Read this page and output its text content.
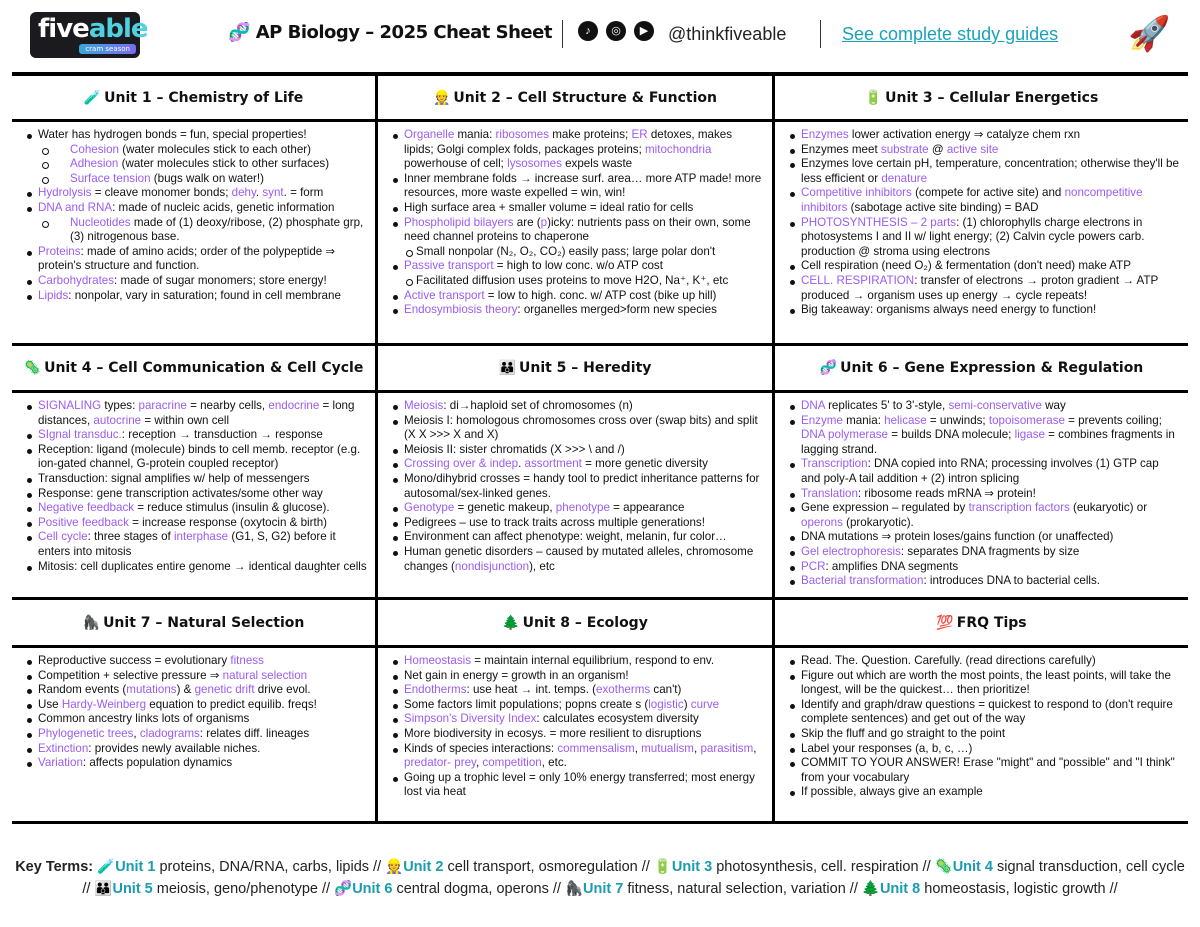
fiveable
cram season
🧬 AP Biology – 2025 Cheat Sheet	♪	◎	▶	@thinkfiveable	See complete study guides 🚀
🧪 Unit 1 – Chemistry of Life	👷 Unit 2 – Cell Structure & Function	🔋 Unit 3 – Cellular Energetics
Water has hydrogen bonds = fun, special properties!
Cohesion (water molecules stick to each other)
Adhesion (water molecules stick to other surfaces)
Surface tension (bugs walk on water!)
Hydrolysis = cleave monomer bonds; dehy. synt. = form
DNA and RNA: made of nucleic acids, genetic information
Nucleotides made of (1) deoxy/ribose, (2) phosphate grp, (3) nitrogenous base.
Proteins: made of amino acids; order of the polypeptide ⇒ protein's structure and function.
Carbohydrates: made of sugar monomers; store energy!
Lipids: nonpolar, vary in saturation; found in cell membrane
Organelle mania: ribosomes make proteins; ER detoxes, makes lipids; Golgi complex folds, packages proteins; mitochondria powerhouse of cell; lysosomes expels waste
Inner membrane folds → increase surf. area… more ATP made! more resources, more waste expelled = win, win!
High surface area + smaller volume = ideal ratio for cells
Phospholipid bilayers are (p)icky: nutrients pass on their own, some need channel proteins to chaperone
Small nonpolar (N₂, O₂, CO₂) easily pass; large polar don't
Passive transport = high to low conc. w/o ATP cost
Facilitated diffusion uses proteins to move H2O, Na⁺, K⁺, etc
Active transport = low to high. conc. w/ ATP cost (bike up hill)
Endosymbiosis theory: organelles merged>form new species
Enzymes lower activation energy ⇒ catalyze chem rxn
Enzymes meet substrate @ active site
Enzymes love certain pH, temperature, concentration; otherwise they'll be less efficient or denature
Competitive inhibitors (compete for active site) and noncompetitive inhibitors (sabotage active site binding) = BAD
PHOTOSYNTHESIS – 2 parts: (1) chlorophylls charge electrons in photosystems I and II w/ light energy; (2) Calvin cycle powers carb. production @ stroma using electrons
Cell respiration (need O₂) & fermentation (don't need) make ATP
CELL. RESPIRATION: transfer of electrons → proton gradient → ATP produced → organism uses up energy → cycle repeats!
Big takeaway: organisms always need energy to function!
🦠 Unit 4 – Cell Communication & Cell Cycle	👪 Unit 5 – Heredity	🧬 Unit 6 – Gene Expression & Regulation
SIGNALING types: paracrine = nearby cells, endocrine = long distances, autocrine = within own cell
SIgnal transduc.: reception → transduction → response
Reception: ligand (molecule) binds to cell memb. receptor (e.g. ion-gated channel, G-protein coupled receptor)
Transduction: signal amplifies w/ help of messengers
Response: gene transcription activates/some other way
Negative feedback = reduce stimulus (insulin & glucose).
Positive feedback = increase response (oxytocin & birth)
Cell cycle: three stages of interphase (G1, S, G2) before it enters into mitosis
Mitosis: cell duplicates entire genome → identical daughter cells
Meiosis: di→haploid set of chromosomes (n)
Meiosis I: homologous chromosomes cross over (swap bits) and split (X X >>> X and X)
Meiosis II: sister chromatids (X >>> \ and /)
Crossing over & indep. assortment = more genetic diversity
Mono/dihybrid crosses = handy tool to predict inheritance patterns for autosomal/sex-linked genes.
Genotype = genetic makeup, phenotype = appearance
Pedigrees – use to track traits across multiple generations!
Environment can affect phenotype: weight, melanin, fur color…
Human genetic disorders – caused by mutated alleles, chromosome changes (nondisjunction), etc
DNA replicates 5' to 3'-style, semi-conservative way
Enzyme mania: helicase = unwinds; topoisomerase = prevents coiling; DNA polymerase = builds DNA molecule; ligase = combines fragments in lagging strand.
Transcription: DNA copied into RNA; processing involves (1) GTP cap and poly-A tail addition + (2) intron splicing
Translation: ribosome reads mRNA ⇒ protein!
Gene expression – regulated by transcription factors (eukaryotic) or operons (prokaryotic).
DNA mutations ⇒ protein loses/gains function (or unaffected)
Gel electrophoresis: separates DNA fragments by size
PCR: amplifies DNA segments
Bacterial transformation: introduces DNA to bacterial cells.
🦍 Unit 7 – Natural Selection	🌲 Unit 8 – Ecology	💯 FRQ Tips
Reproductive success = evolutionary fitness
Competition + selective pressure ⇒ natural selection
Random events (mutations) & genetic drift drive evol.
Use Hardy-Weinberg equation to predict equilib. freqs!
Common ancestry links lots of organisms
Phylogenetic trees, cladograms: relates diff. lineages
Extinction: provides newly available niches.
Variation: affects population dynamics
Homeostasis = maintain internal equilibrium, respond to env.
Net gain in energy = growth in an organism!
Endotherms: use heat → int. temps. (exotherms can't)
Some factors limit populations; popns create s (logistic) curve
Simpson's Diversity Index: calculates ecosystem diversity
More biodiversity in ecosys. = more resilient to disruptions
Kinds of species interactions: commensalism, mutualism, parasitism, predator- prey, competition, etc.
Going up a trophic level = only 10% energy transferred; most energy lost via heat
Read. The. Question. Carefully. (read directions carefully)
Figure out which are worth the most points, the least points, will take the longest, will be the quickest… then prioritize!
Identify and graph/draw questions = quickest to respond to (don't require complete sentences) and get out of the way
Skip the fluff and go straight to the point
Label your responses (a, b, c, …)
COMMIT TO YOUR ANSWER! Erase "might" and "possible" and "I think" from your vocabulary
If possible, always give an example
Key Terms: 🧪Unit 1 proteins, DNA/RNA, carbs, lipids // 👷Unit 2 cell transport, osmoregulation // 🔋Unit 3 photosynthesis, cell. respiration // 🦠Unit 4 signal transduction, cell cycle // 👪Unit 5 meiosis, geno/phenotype // 🧬Unit 6 central dogma, operons // 🦍Unit 7 fitness, natural selection, variation // 🌲Unit 8 homeostasis, logistic growth //
